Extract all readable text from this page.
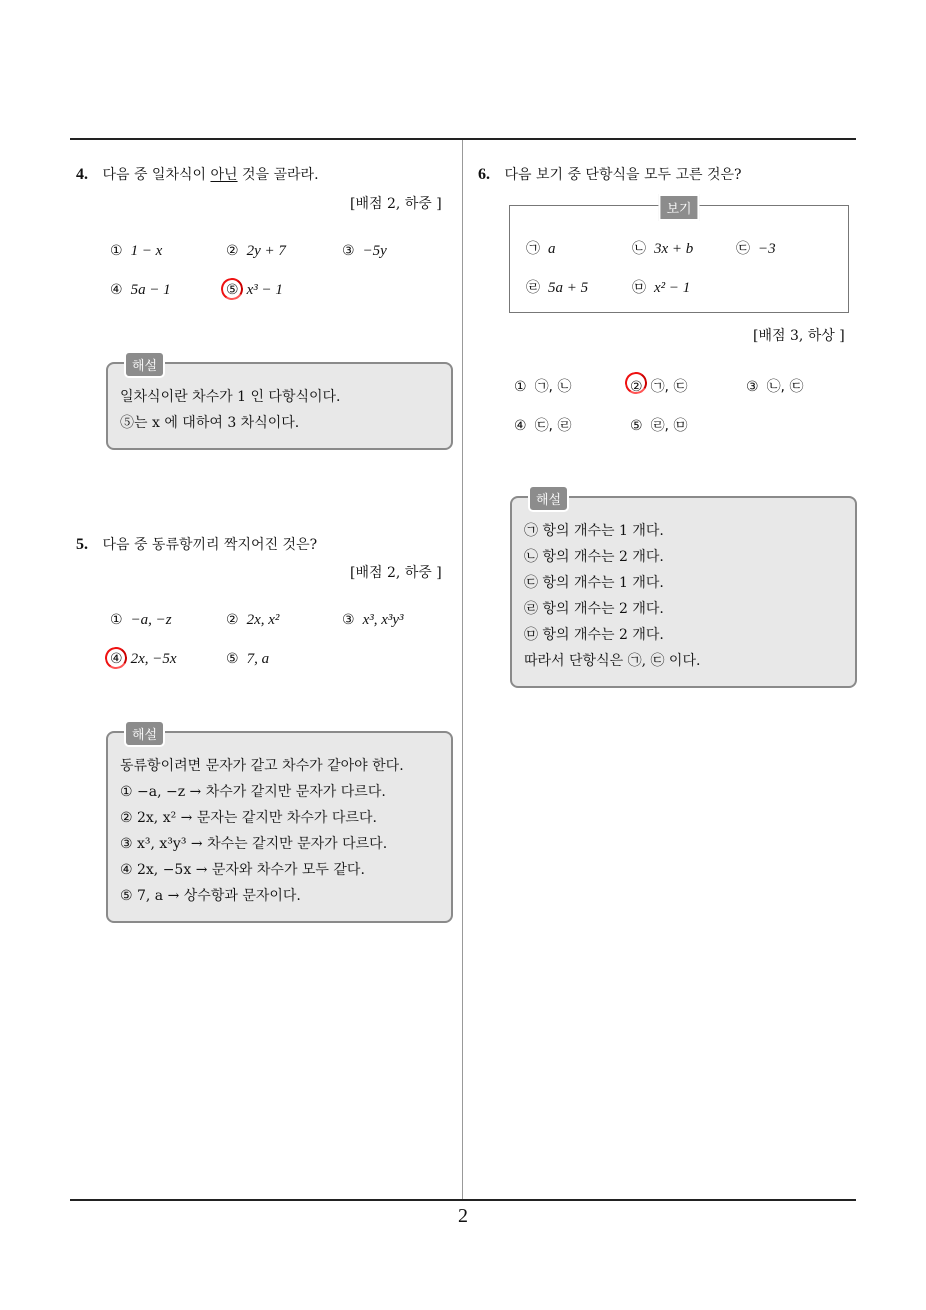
4. 다음 중 일차식이 아닌 것을 골라라.
[배점 2, 하중 ]
① 1 − x	② 2y + 7	③ −5y
④ 5a − 1	⑤ x³ − 1
해설
일차식이란 차수가 1 인 다항식이다.
⑤는 x 에 대하여 3 차식이다.
5. 다음 중 동류항끼리 짝지어진 것은?
[배점 2, 하중 ]
① −a, −z	② 2x, x²	③ x³, x³y³
④ 2x, −5x	⑤ 7, a
해설
동류항이려면 문자가 같고 차수가 같아야 한다.
① −a, −z → 차수가 같지만 문자가 다르다.
② 2x, x² → 문자는 같지만 차수가 다르다.
③ x³, x³y³ → 차수는 같지만 문자가 다르다.
④ 2x, −5x → 문자와 차수가 모두 같다.
⑤ 7, a → 상수항과 문자이다.
6. 다음 보기 중 단항식을 모두 고른 것은?
보기
㉠ a	㉡ 3x + b	㉢ −3
㉣ 5a + 5	㉤ x² − 1
[배점 3, 하상 ]
① ㉠, ㉡	② ㉠, ㉢	③ ㉡, ㉢
④ ㉢, ㉣	⑤ ㉣, ㉤
해설
㉠ 항의 개수는 1 개다.
㉡ 항의 개수는 2 개다.
㉢ 항의 개수는 1 개다.
㉣ 항의 개수는 2 개다.
㉤ 항의 개수는 2 개다.
따라서 단항식은 ㉠, ㉢ 이다.
2
